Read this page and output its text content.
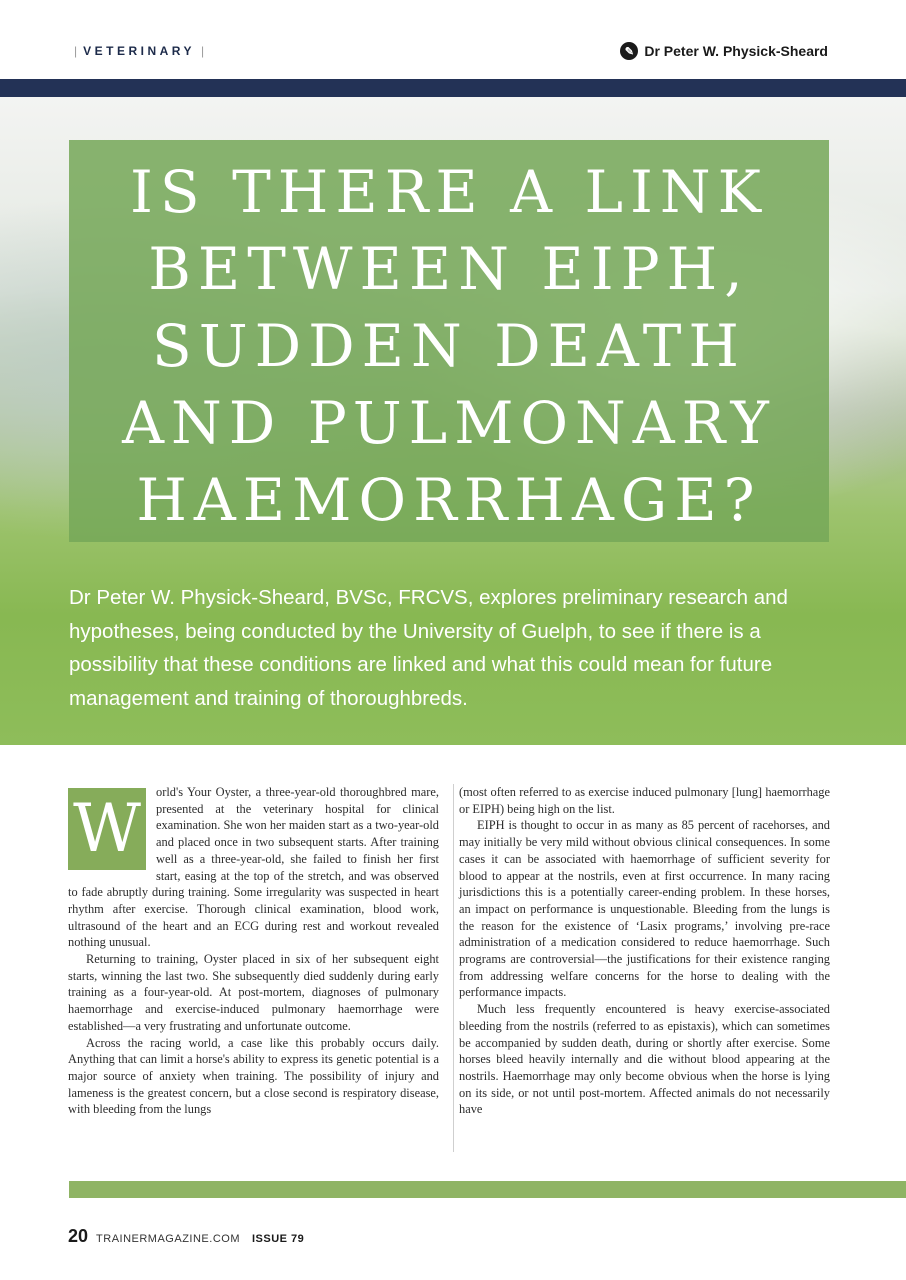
| VETERINARY |	✎ Dr Peter W. Physick-Sheard
IS THERE A LINK
BETWEEN EIPH,
SUDDEN DEATH
AND PULMONARY
HAEMORRHAGE?

Dr Peter W. Physick-Sheard, BVSc, FRCVS, explores preliminary research and hypotheses, being conducted by the University of Guelph, to see if there is a possibility that these conditions are linked and what this could mean for future management and training of thoroughbreds.

W	orld's Your Oyster, a three-year-old thoroughbred mare, presented at the veterinary hospital for clinical examination. She won her maiden start as a two-year-old and placed once in two subsequent starts. After training well as a three-year-old, she failed to finish her first start, easing at the top of the stretch, and was observed to fade abruptly during training. Some irregularity was suspected in heart rhythm after exercise. Thorough clinical examination, blood work, ultrasound of the heart and an ECG during rest and workout revealed nothing unusual.

Returning to training, Oyster placed in six of her subsequent eight starts, winning the last two. She subsequently died suddenly during early training as a four-year-old. At post-mortem, diagnoses of pulmonary haemorrhage and exercise-induced pulmonary haemorrhage were established—a very frustrating and unfortunate outcome.

Across the racing world, a case like this probably occurs daily. Anything that can limit a horse's ability to express its genetic potential is a major source of anxiety when training. The possibility of injury and lameness is the greatest concern, but a close second is respiratory disease, with bleeding from the lungs

(most often referred to as exercise induced pulmonary [lung] haemorrhage or EIPH) being high on the list.

EIPH is thought to occur in as many as 85 percent of racehorses, and may initially be very mild without obvious clinical consequences. In some cases it can be associated with haemorrhage of sufficient severity for blood to appear at the nostrils, even at first occurrence. In many racing jurisdictions this is a potentially career-ending problem. In these horses, an impact on performance is unquestionable. Bleeding from the lungs is the reason for the existence of ‘Lasix programs,’ involving pre-race administration of a medication considered to reduce haemorrhage. Such programs are controversial—the justifications for their existence ranging from addressing welfare concerns for the horse to dealing with the performance impacts.

Much less frequently encountered is heavy exercise-associated bleeding from the nostrils (referred to as epistaxis), which can sometimes be accompanied by sudden death, during or shortly after exercise. Some horses bleed heavily internally and die without blood appearing at the nostrils. Haemorrhage may only become obvious when the horse is lying on its side, or not until post-mortem. Affected animals do not necessarily have

20 TRAINERMAGAZINE.COM ISSUE 79
